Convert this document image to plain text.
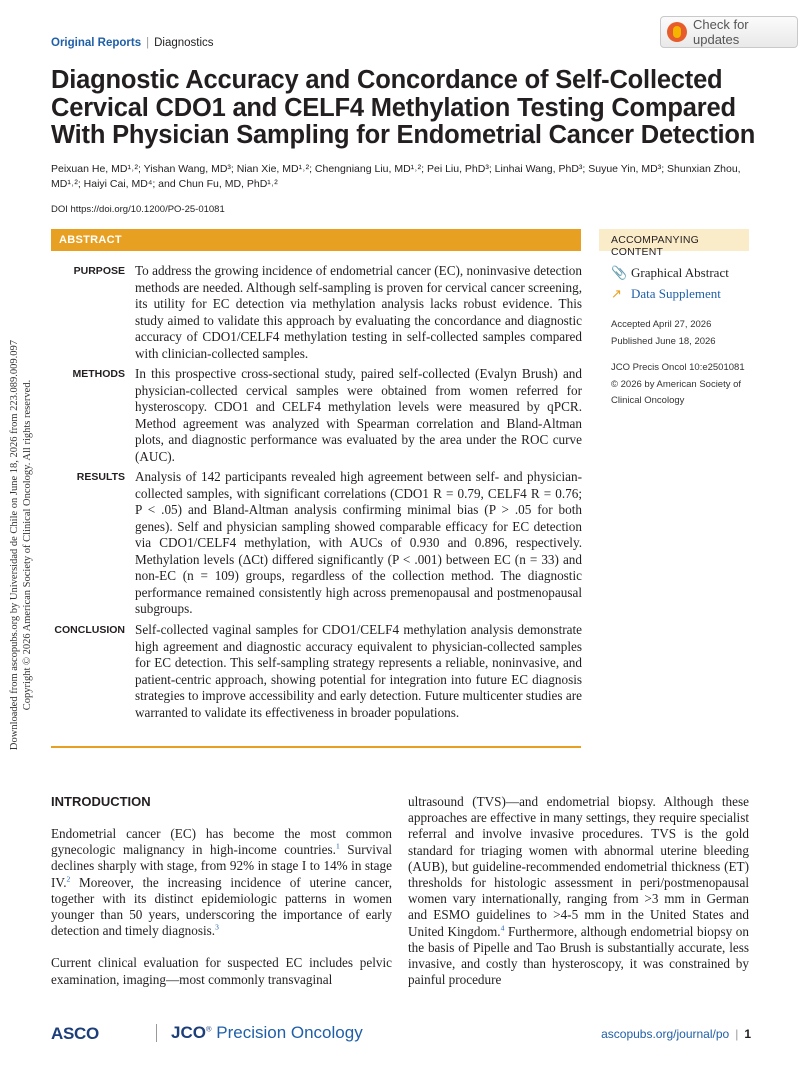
Downloaded from ascopubs.org by Universidad de Chile on June 18, 2026 from 223.089.009.097 Copyright © 2026 American Society of Clinical Oncology. All rights reserved.
Original Reports | Diagnostics
Check for updates
Diagnostic Accuracy and Concordance of Self-Collected Cervical CDO1 and CELF4 Methylation Testing Compared With Physician Sampling for Endometrial Cancer Detection
Peixuan He, MD¹˒²; Yishan Wang, MD³; Nian Xie, MD¹˒²; Chengniang Liu, MD¹˒²; Pei Liu, PhD³; Linhai Wang, PhD³; Suyue Yin, MD³; Shunxian Zhou, MD¹˒²; Haiyi Cai, MD⁴; and Chun Fu, MD, PhD¹˒²
DOI https://doi.org/10.1200/PO-25-01081
ABSTRACT	ACCOMPANYING CONTENT
PURPOSE To address the growing incidence of endometrial cancer (EC), noninvasive detection methods are needed. Although self-sampling is proven for cervical cancer screening, its utility for EC detection via methylation analysis lacks robust evidence. This study aimed to validate this approach by evaluating the concordance and diagnostic accuracy of CDO1/CELF4 methylation testing in self-collected samples compared with clinician-collected samples.
METHODS In this prospective cross-sectional study, paired self-collected (Evalyn Brush) and physician-collected cervical samples were obtained from women referred for hysteroscopy. CDO1 and CELF4 methylation levels were measured by qPCR. Method agreement was analyzed with Spearman correlation and Bland-Altman plots, and diagnostic performance was evaluated by the area under the ROC curve (AUC).
RESULTS Analysis of 142 participants revealed high agreement between self- and physician-collected samples, with significant correlations (CDO1 R = 0.79, CELF4 R = 0.76; P < .05) and Bland-Altman analysis confirming minimal bias (P > .05 for both genes). Self and physician sampling showed comparable efficacy for EC detection via CDO1/CELF4 methylation, with AUCs of 0.930 and 0.896, respectively. Methylation levels (ΔCt) differed significantly (P < .001) between EC (n = 33) and non-EC (n = 109) groups, regardless of the collection method. The diagnostic performance remained consistently high across premenopausal and postmenopausal subgroups.
CONCLUSION Self-collected vaginal samples for CDO1/CELF4 methylation analysis demonstrate high agreement and diagnostic accuracy equivalent to physician-collected samples for EC detection. This self-sampling strategy represents a reliable, noninvasive, and patient-centric approach, showing potential for integration into future EC diagnosis strategies to improve accessibility and early detection. Future multicenter studies are warranted to validate its effectiveness in broader populations.
📎 Graphical Abstract
↗ Data Supplement
Accepted April 27, 2026
Published June 18, 2026
JCO Precis Oncol 10:e2501081
© 2026 by American Society of
Clinical Oncology
INTRODUCTION

Endometrial cancer (EC) has become the most common gynecologic malignancy in high-income countries.$^1$ Survival declines sharply with stage, from 92% in stage I to 14% in stage IV.$^2$ Moreover, the increasing incidence of uterine cancer, together with its distinct epidemiologic patterns in women younger than 50 years, underscoring the importance of early detection and timely diagnosis.$^3$

Current clinical evaluation for suspected EC includes pelvic examination, imaging—most commonly transvaginal

ultrasound (TVS)—and endometrial biopsy. Although these approaches are effective in many settings, they require specialist referral and involve invasive procedures. TVS is the gold standard for triaging women with abnormal uterine bleeding (AUB), but guideline-recommended endometrial thickness (ET) thresholds for histologic assessment in peri/postmenopausal women vary internationally, ranging from >3 mm in German and ESMO guidelines to >4-5 mm in the United States and United Kingdom.$^4$ Furthermore, although endometrial biopsy on the basis of Pipelle and Tao Brush is substantially accurate, less invasive, and costly than hysteroscopy, it was constrained by painful procedure

ASCO	JCO® Precision Oncology	ascopubs.org/journal/po | 1
